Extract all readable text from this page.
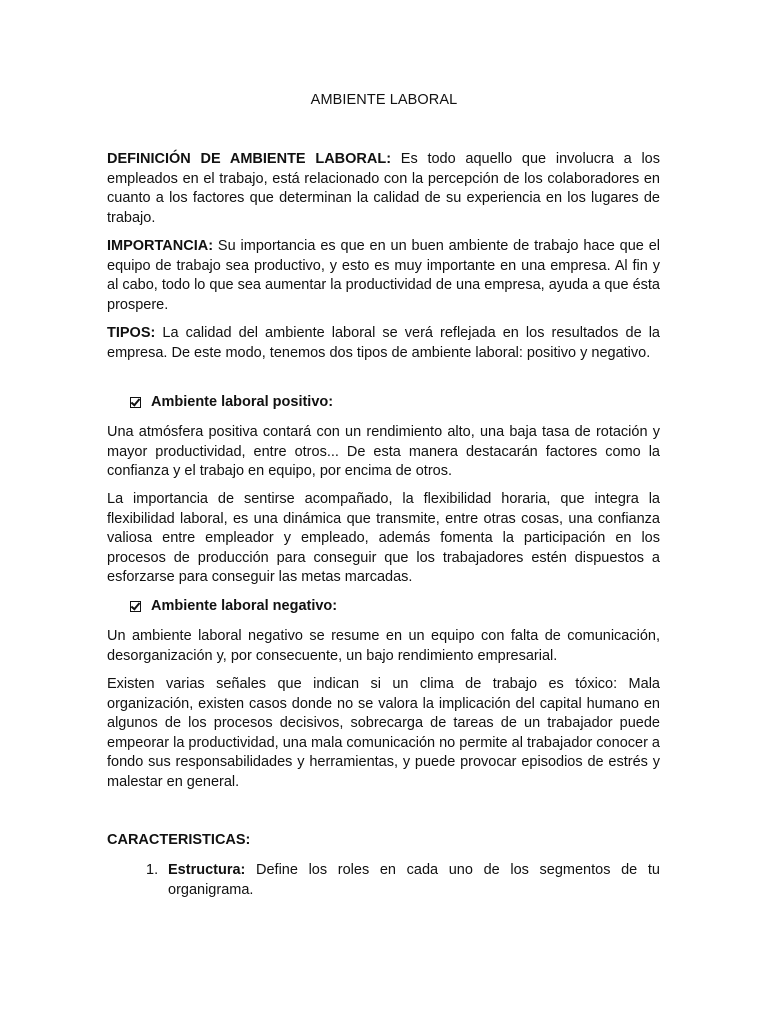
AMBIENTE LABORAL

DEFINICIÓN DE AMBIENTE LABORAL: Es todo aquello que involucra a los empleados en el trabajo, está relacionado con la percepción de los colaboradores en cuanto a los factores que determinan la calidad de su experiencia en los lugares de trabajo.

IMPORTANCIA: Su importancia es que en un buen ambiente de trabajo hace que el equipo de trabajo sea productivo, y esto es muy importante en una empresa. Al fin y al cabo, todo lo que sea aumentar la productividad de una empresa, ayuda a que ésta prospere.

TIPOS: La calidad del ambiente laboral se verá reflejada en los resultados de la empresa. De este modo, tenemos dos tipos de ambiente laboral: positivo y negativo.

Ambiente laboral positivo:

Una atmósfera positiva contará con un rendimiento alto, una baja tasa de rotación y mayor productividad, entre otros... De esta manera destacarán factores como la confianza y el trabajo en equipo, por encima de otros.

La importancia de sentirse acompañado, la flexibilidad horaria, que integra la flexibilidad laboral, es una dinámica que transmite, entre otras cosas, una confianza valiosa entre empleador y empleado, además fomenta la participación en los procesos de producción para conseguir que los trabajadores estén dispuestos a esforzarse para conseguir las metas marcadas.

Ambiente laboral negativo:

Un ambiente laboral negativo se resume en un equipo con falta de comunicación, desorganización y, por consecuente, un bajo rendimiento empresarial.

Existen varias señales que indican si un clima de trabajo es tóxico: Mala organización, existen casos donde no se valora la implicación del capital humano en algunos de los procesos decisivos, sobrecarga de tareas de un trabajador puede empeorar la productividad, una mala comunicación no permite al trabajador conocer a fondo sus responsabilidades y herramientas, y puede provocar episodios de estrés y malestar en general.

CARACTERISTICAS:
1. Estructura: Define los roles en cada uno de los segmentos de tu organigrama.
